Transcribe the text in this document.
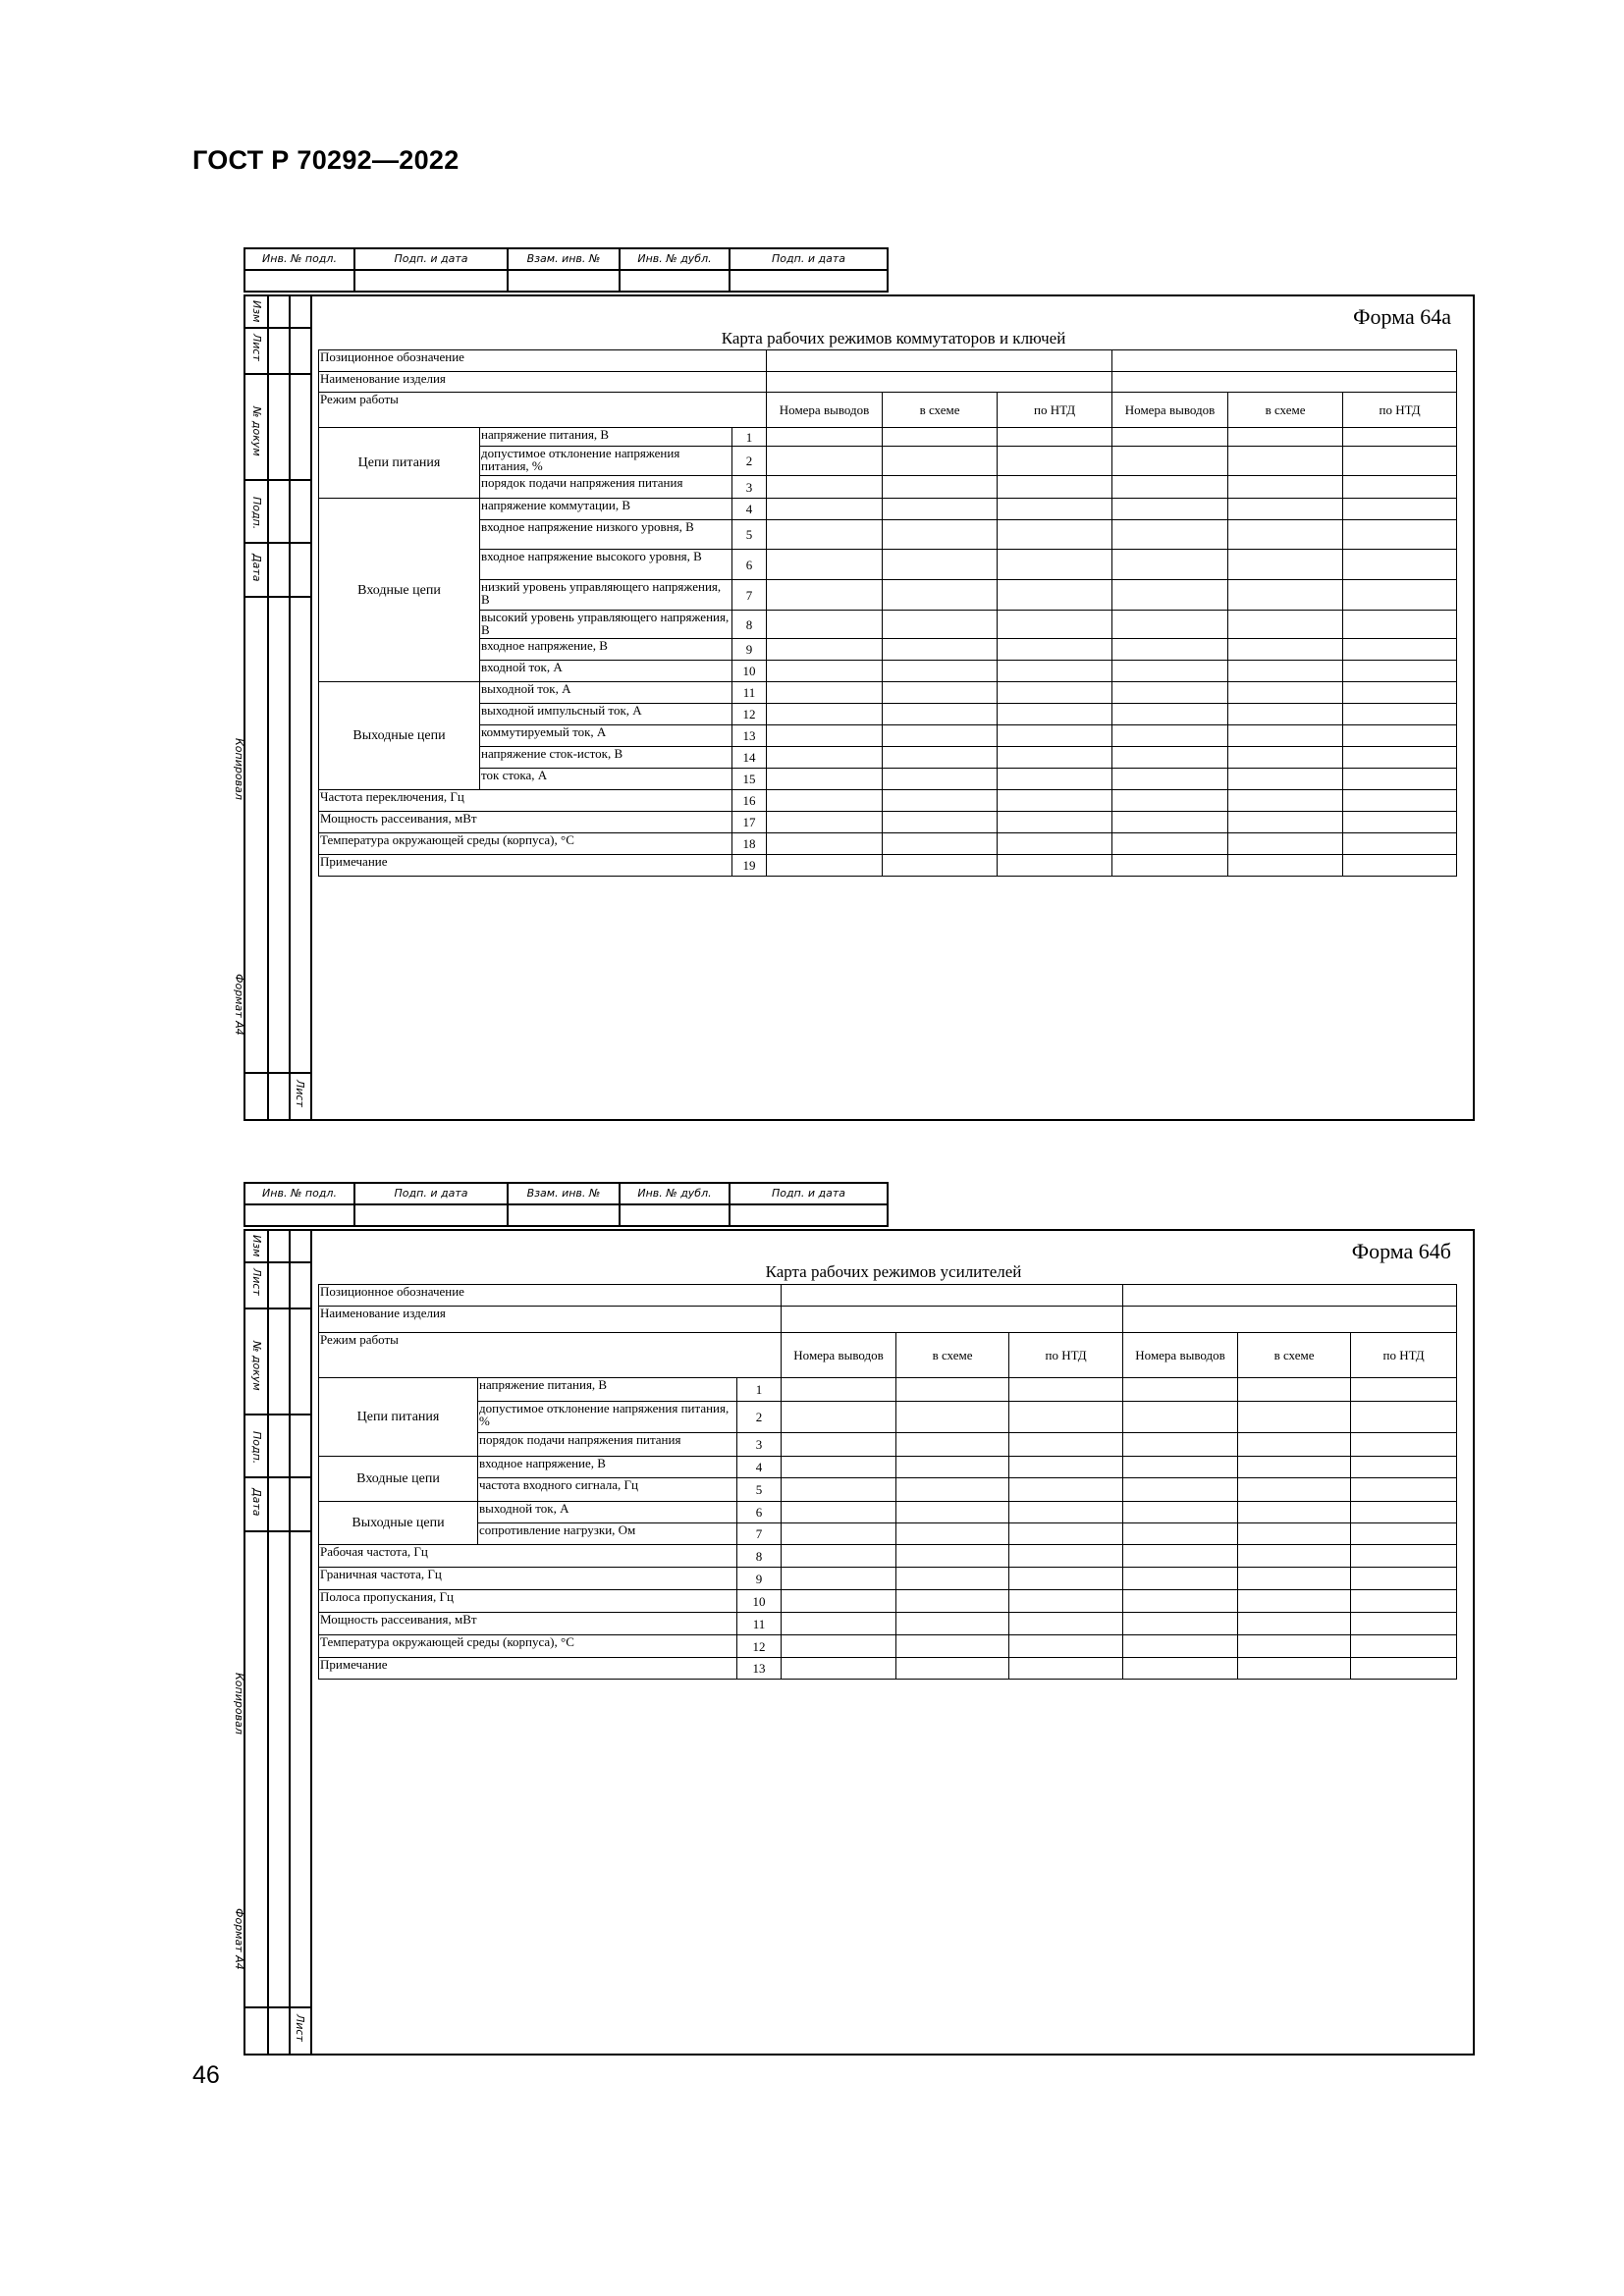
ГОСТ Р 70292—2022
Инв. № подл.	Подп. и дата	Взам. инв. №	Инв. № дубл.	Подп. и дата

Изм
Лист
№ докум
Подп.
Дата
Копировал
Формат А4
Лист
Форма 64а
Карта рабочих режимов коммутаторов и ключей
Позиционное обозначение								
Наименование изделия								
Режим работы			Номера выводов	в схеме	по НТД	Номера выводов	в схеме	по НТД
Цепи питания	напряжение питания, В	1						
	допустимое отклонение напряжения питания, %	2						
	порядок подачи напряжения питания	3						
Входные цепи	напряжение коммутации, В	4						
	входное напряжение низкого уровня, В	5						
	входное напряжение высокого уровня, В	6						
	низкий уровень управляющего напряжения, В	7						
	высокий уровень управляющего напряжения, В	8						
	входное напряжение, В	9						
	входной ток, А	10						
Выходные цепи	выходной ток, А	11						
	выходной импульсный ток, А	12						
	коммутируемый ток, А	13						
	напряжение сток-исток, В	14						
	ток стока, А	15						
Частота переключения, Гц		16						
Мощность рассеивания, мВт		17						
Температура окружающей среды (корпуса), °С		18						
Примечание		19						
Инв. № подл.	Подп. и дата	Взам. инв. №	Инв. № дубл.	Подп. и дата

Изм
Лист
№ докум
Подп.
Дата
Копировал
Формат А4
Лист
Форма 64б
Карта рабочих режимов усилителей
Позиционное обозначение								
Наименование изделия								
Режим работы			Номера выводов	в схеме	по НТД	Номера выводов	в схеме	по НТД
Цепи питания	напряжение питания, В	1						
	допустимое отклонение напряжения питания, %	2						
	порядок подачи напряжения питания	3						
Входные цепи	входное напряжение, В	4						
	частота входного сигнала, Гц	5						
Выходные цепи	выходной ток, А	6						
	сопротивление нагрузки, Ом	7						
Рабочая частота, Гц		8						
Граничная частота, Гц		9						
Полоса пропускания, Гц		10						
Мощность рассеивания, мВт		11						
Температура окружающей среды (корпуса), °С		12						
Примечание		13						
46
